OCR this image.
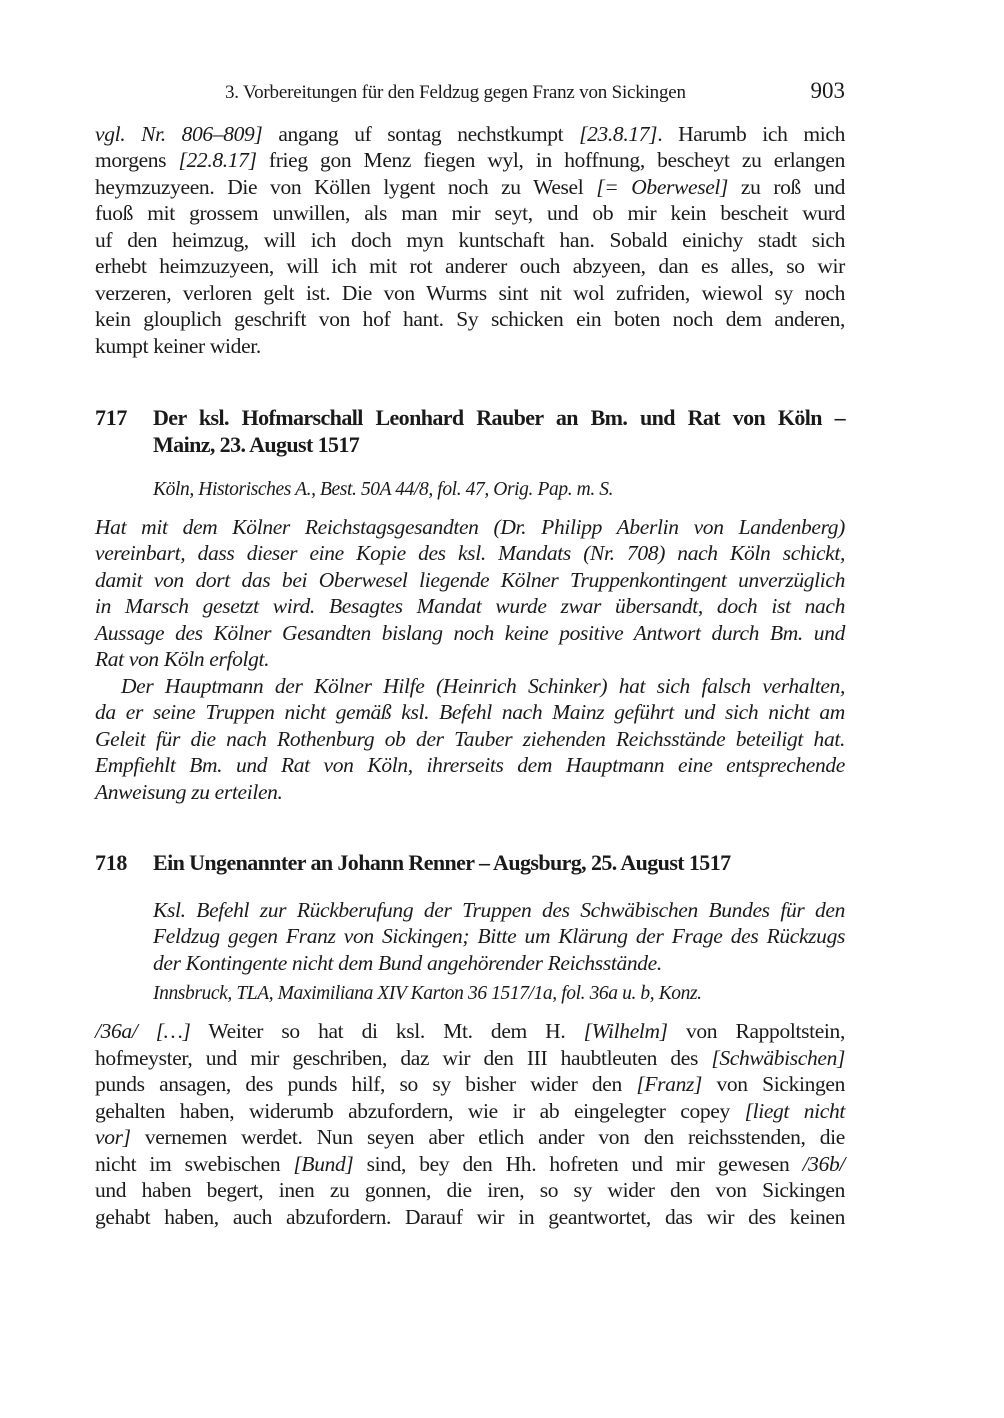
3. Vorbereitungen für den Feldzug gegen Franz von Sickingen	903
vgl. Nr. 806–809] angang uf sontag nechstkumpt [23.8.17]. Harumb ich mich
morgens [22.8.17] frieg gon Menz fiegen wyl, in hoffnung, bescheyt zu erlangen
heymzuzyeen. Die von Köllen lygent noch zu Wesel [= Oberwesel] zu roß und
fuoß mit grossem unwillen, als man mir seyt, und ob mir kein bescheit wurd
uf den heimzug, will ich doch myn kuntschaft han. Sobald einichy stadt sich
erhebt heimzuzyeen, will ich mit rot anderer ouch abzyeen, dan es alles, so wir
verzeren, verloren gelt ist. Die von Wurms sint nit wol zufriden, wiewol sy noch
kein glouplich geschrift von hof hant. Sy schicken ein boten noch dem anderen,
kumpt keiner wider.
717 Der ksl. Hofmarschall Leonhard Rauber an Bm. und Rat von Köln –
Mainz, 23. August 1517
Köln, Historisches A., Best. 50A 44/8, fol. 47, Orig. Pap. m. S.
Hat mit dem Kölner Reichstagsgesandten (Dr. Philipp Aberlin von Landenberg)
vereinbart, dass dieser eine Kopie des ksl. Mandats (Nr. 708) nach Köln schickt,
damit von dort das bei Oberwesel liegende Kölner Truppenkontingent unverzüglich
in Marsch gesetzt wird. Besagtes Mandat wurde zwar übersandt, doch ist nach
Aussage des Kölner Gesandten bislang noch keine positive Antwort durch Bm. und
Rat von Köln erfolgt.
Der Hauptmann der Kölner Hilfe (Heinrich Schinker) hat sich falsch verhalten,
da er seine Truppen nicht gemäß ksl. Befehl nach Mainz geführt und sich nicht am
Geleit für die nach Rothenburg ob der Tauber ziehenden Reichsstände beteiligt hat.
Empfiehlt Bm. und Rat von Köln, ihrerseits dem Hauptmann eine entsprechende
Anweisung zu erteilen.
718 Ein Ungenannter an Johann Renner – Augsburg, 25. August 1517
Ksl. Befehl zur Rückberufung der Truppen des Schwäbischen Bundes für den
Feldzug gegen Franz von Sickingen; Bitte um Klärung der Frage des Rückzugs
der Kontingente nicht dem Bund angehörender Reichsstände.
Innsbruck, TLA, Maximiliana XIV Karton 36 1517/1a, fol. 36a u. b, Konz.
/36a/ […] Weiter so hat di ksl. Mt. dem H. [Wilhelm] von Rappoltstein,
hofmeyster, und mir geschriben, daz wir den III haubtleuten des [Schwäbischen]
punds ansagen, des punds hilf, so sy bisher wider den [Franz] von Sickingen
gehalten haben, widerumb abzufordern, wie ir ab eingelegter copey [liegt nicht
vor] vernemen werdet. Nun seyen aber etlich ander von den reichsstenden, die
nicht im swebischen [Bund] sind, bey den Hh. hofreten und mir gewesen /36b/
und haben begert, inen zu gonnen, die iren, so sy wider den von Sickingen
gehabt haben, auch abzufordern. Darauf wir in geantwortet, das wir des keinen
